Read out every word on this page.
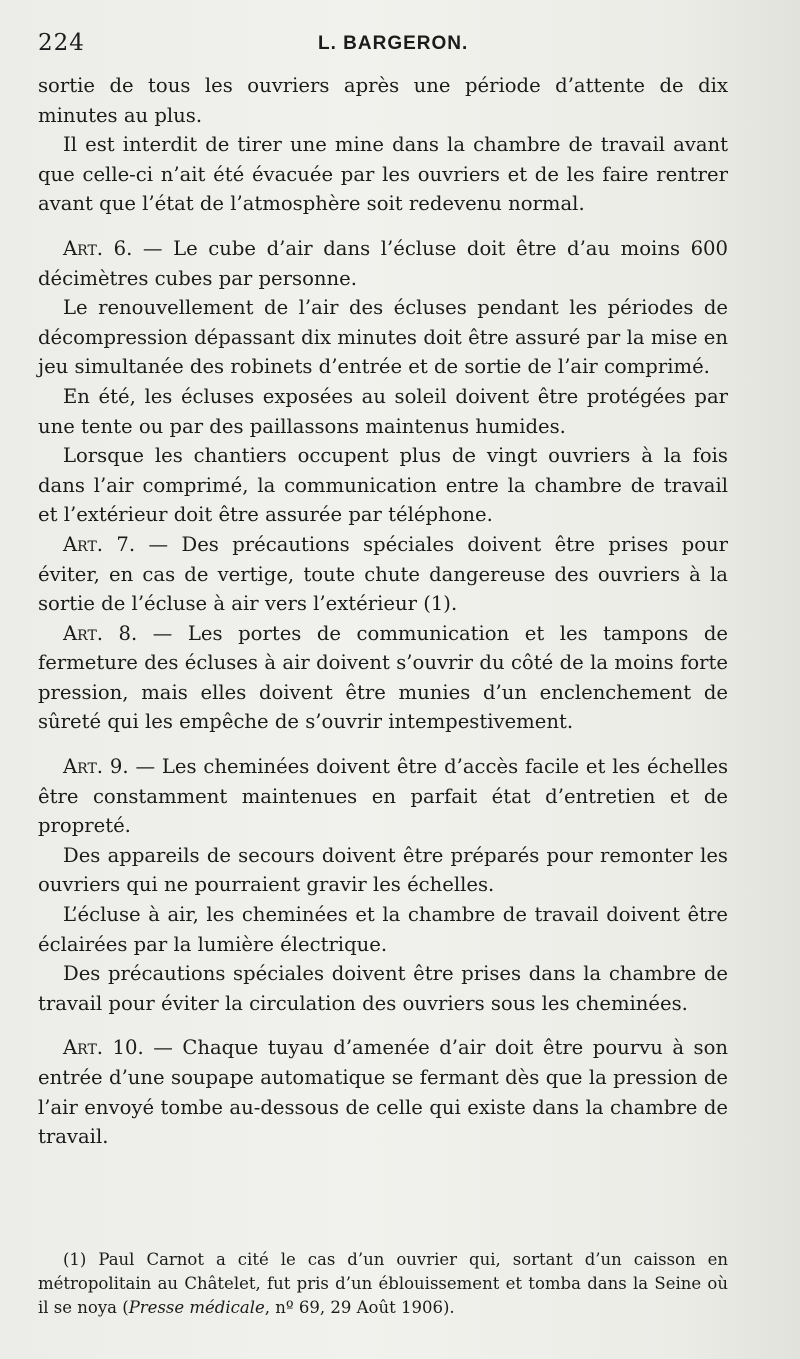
224	L. BARGERON.

sortie de tous les ouvriers après une période d’attente de dix minutes au plus.

Il est interdit de tirer une mine dans la chambre de travail avant que celle-ci n’ait été évacuée par les ouvriers et de les faire rentrer avant que l’état de l’atmosphère soit redevenu normal.

Art. 6. — Le cube d’air dans l’écluse doit être d’au moins 600 décimètres cubes par personne.

Le renouvellement de l’air des écluses pendant les périodes de décompression dépassant dix minutes doit être assuré par la mise en jeu simultanée des robinets d’entrée et de sortie de l’air comprimé.

En été, les écluses exposées au soleil doivent être protégées par une tente ou par des paillassons maintenus humides.

Lorsque les chantiers occupent plus de vingt ouvriers à la fois dans l’air comprimé, la communication entre la chambre de travail et l’extérieur doit être assurée par téléphone.

Art. 7. — Des précautions spéciales doivent être prises pour éviter, en cas de vertige, toute chute dangereuse des ouvriers à la sortie de l’écluse à air vers l’extérieur (1).

Art. 8. — Les portes de communication et les tampons de fermeture des écluses à air doivent s’ouvrir du côté de la moins forte pression, mais elles doivent être munies d’un enclenchement de sûreté qui les empêche de s’ouvrir intempestivement.

Art. 9. — Les cheminées doivent être d’accès facile et les échelles être constamment maintenues en parfait état d’entretien et de propreté.

Des appareils de secours doivent être préparés pour remonter les ouvriers qui ne pourraient gravir les échelles.

L’écluse à air, les cheminées et la chambre de travail doivent être éclairées par la lumière électrique.

Des précautions spéciales doivent être prises dans la chambre de travail pour éviter la circulation des ouvriers sous les cheminées.

Art. 10. — Chaque tuyau d’amenée d’air doit être pourvu à son entrée d’une soupape automatique se fermant dès que la pression de l’air envoyé tombe au-dessous de celle qui existe dans la chambre de travail.

(1) Paul Carnot a cité le cas d’un ouvrier qui, sortant d’un caisson en métropolitain au Châtelet, fut pris d’un éblouissement et tomba dans la Seine où il se noya (Presse médicale, nº 69, 29 Août 1906).
